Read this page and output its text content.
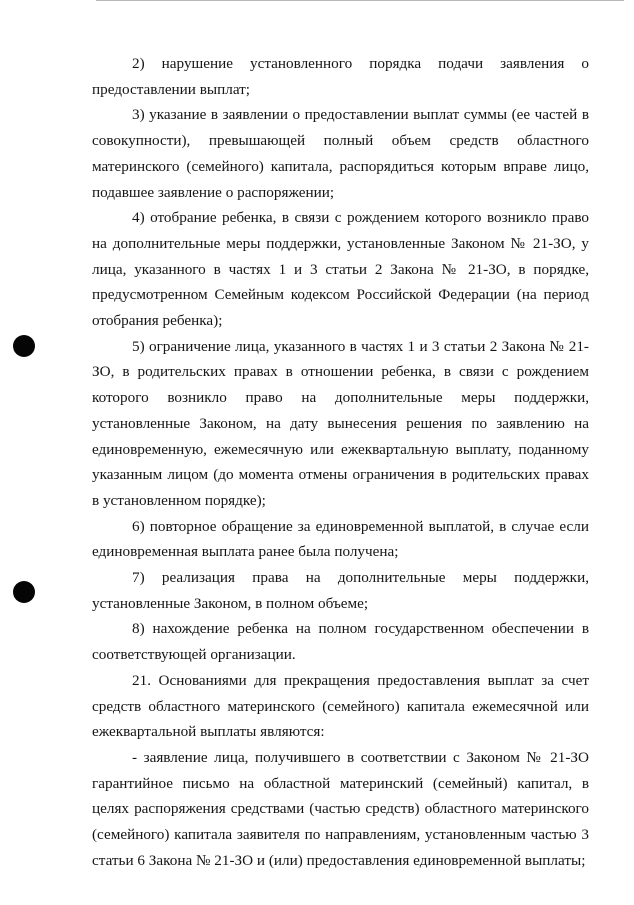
2) нарушение установленного порядка подачи заявления о предоставлении выплат;

3) указание в заявлении о предоставлении выплат суммы (ее частей в совокупности), превышающей полный объем средств областного материнского (семейного) капитала, распорядиться которым вправе лицо, подавшее заявление о распоряжении;

4) отобрание ребенка, в связи с рождением которого возникло право на дополнительные меры поддержки, установленные Законом № 21-ЗО, у лица, указанного в частях 1 и 3 статьи 2 Закона № 21-ЗО, в порядке, предусмотренном Семейным кодексом Российской Федерации (на период отобрания ребенка);

5) ограничение лица, указанного в частях 1 и 3 статьи 2 Закона № 21-ЗО, в родительских правах в отношении ребенка, в связи с рождением которого возникло право на дополнительные меры поддержки, установленные Законом, на дату вынесения решения по заявлению на единовременную, ежемесячную или ежеквартальную выплату, поданному указанным лицом (до момента отмены ограничения в родительских правах в установленном порядке);

6) повторное обращение за единовременной выплатой, в случае если единовременная выплата ранее была получена;

7) реализация права на дополнительные меры поддержки, установленные Законом, в полном объеме;

8) нахождение ребенка на полном государственном обеспечении в соответствующей организации.

21. Основаниями для прекращения предоставления выплат за счет средств областного материнского (семейного) капитала ежемесячной или ежеквартальной выплаты являются:

- заявление лица, получившего в соответствии с Законом № 21-ЗО гарантийное письмо на областной материнский (семейный) капитал, в целях распоряжения средствами (частью средств) областного материнского (семейного) капитала заявителя по направлениям, установленным частью 3 статьи 6 Закона № 21-ЗО и (или) предоставления единовременной выплаты;
